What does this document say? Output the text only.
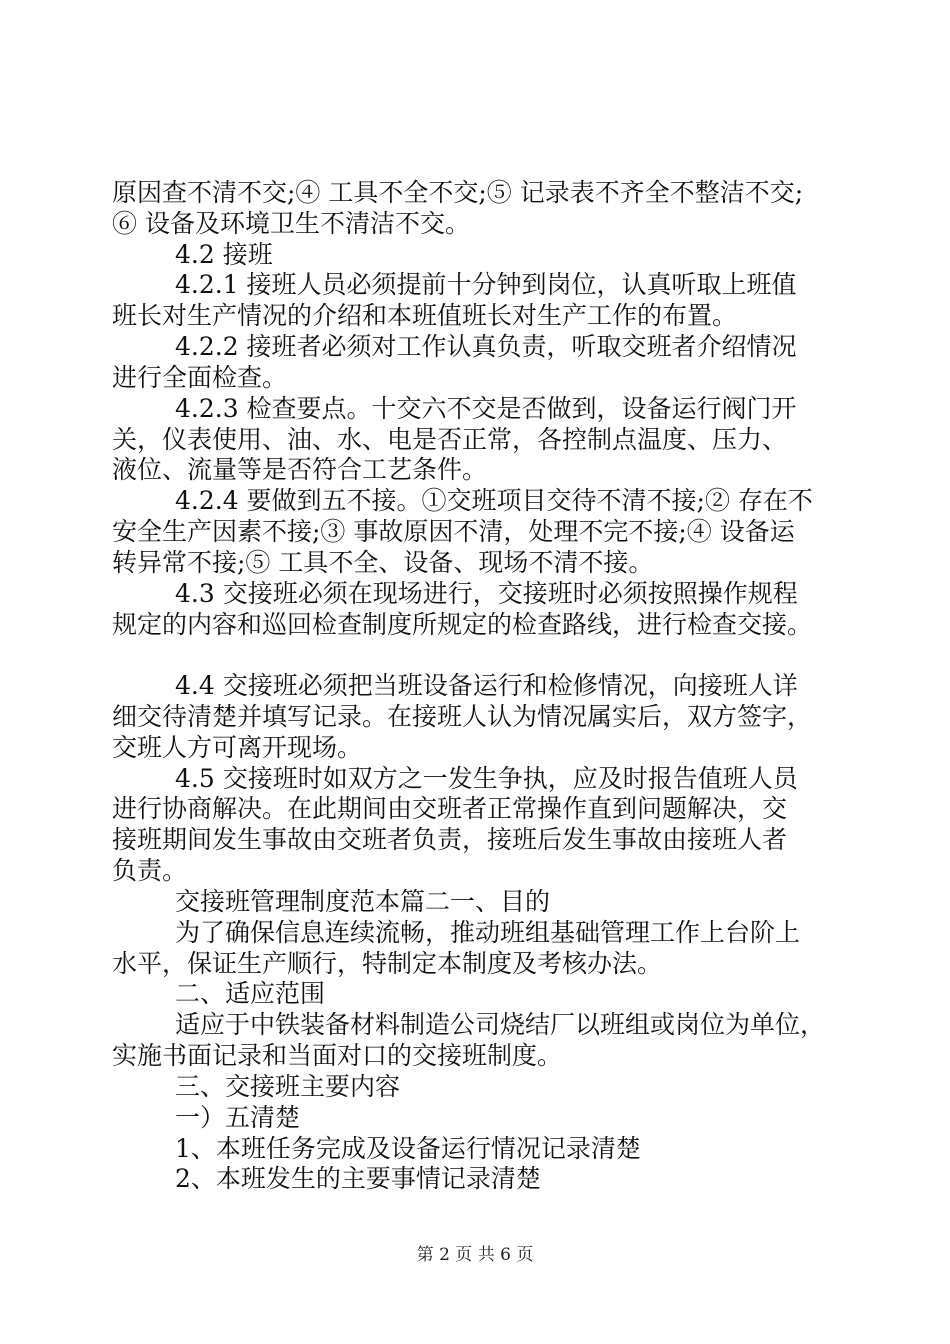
原因查不清不交;④ 工具不全不交;⑤ 记录表不齐全不整洁不交;
⑥ 设备及环境卫生不清洁不交。
4.2 接班
4.2.1 接班人员必须提前十分钟到岗位，认真听取上班值
班长对生产情况的介绍和本班值班长对生产工作的布置。
4.2.2 接班者必须对工作认真负责，听取交班者介绍情况
进行全面检查。
4.2.3 检查要点。十交六不交是否做到，设备运行阀门开
关，仪表使用、油、水、电是否正常，各控制点温度、压力、
液位、流量等是否符合工艺条件。
4.2.4 要做到五不接。①交班项目交待不清不接;② 存在不
安全生产因素不接;③ 事故原因不清，处理不完不接;④ 设备运
转异常不接;⑤ 工具不全、设备、现场不清不接。
4.3 交接班必须在现场进行，交接班时必须按照操作规程
规定的内容和巡回检查制度所规定的检查路线，进行检查交接。
4.4 交接班必须把当班设备运行和检修情况，向接班人详
细交待清楚并填写记录。在接班人认为情况属实后，双方签字，
交班人方可离开现场。
4.5 交接班时如双方之一发生争执，应及时报告值班人员
进行协商解决。在此期间由交班者正常操作直到问题解决，交
接班期间发生事故由交班者负责，接班后发生事故由接班人者
负责。
交接班管理制度范本篇二一、目的
为了确保信息连续流畅，推动班组基础管理工作上台阶上
水平，保证生产顺行，特制定本制度及考核办法。
二、适应范围
适应于中铁装备材料制造公司烧结厂以班组或岗位为单位，
实施书面记录和当面对口的交接班制度。
三、交接班主要内容
一）五清楚
1、本班任务完成及设备运行情况记录清楚
2、本班发生的主要事情记录清楚
第 2 页 共 6 页
